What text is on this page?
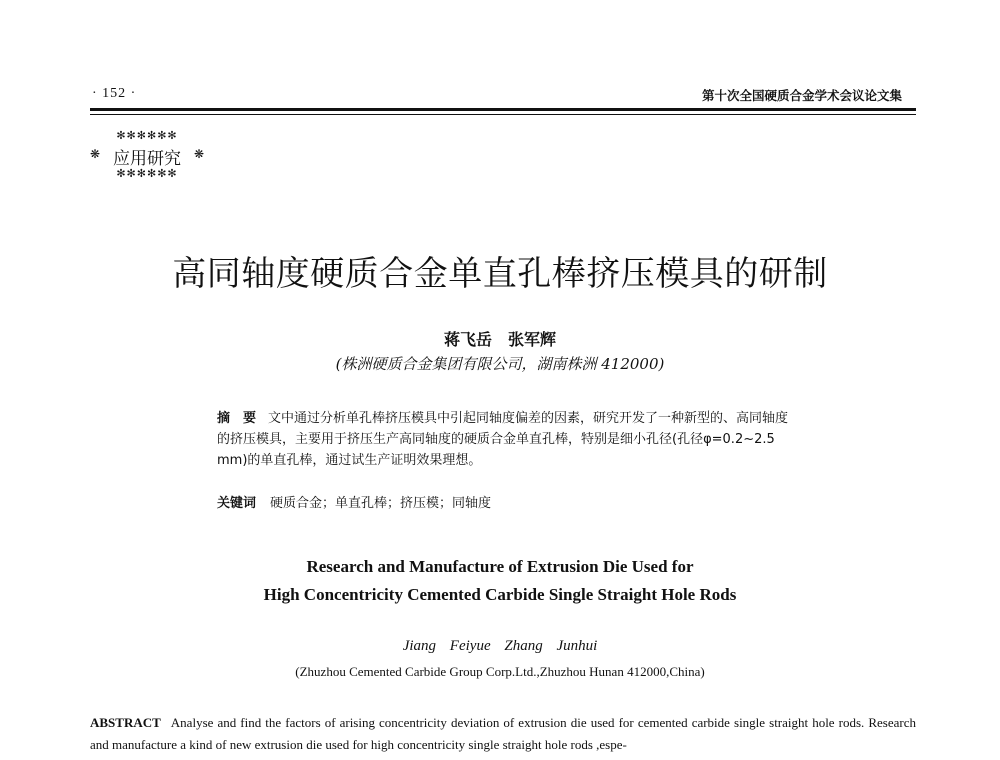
· 152 ·	第十次全国硬质合金学术会议论文集
✻✻✻✻✻✻
❋ 应用研究	❋
✻✻✻✻✻✻
高同轴度硬质合金单直孔棒挤压模具的研制
蒋飞岳　张军辉
(株洲硬质合金集团有限公司，湖南株洲 412000)

摘　要 文中通过分析单孔棒挤压模具中引起同轴度偏差的因素，研究开发了一种新型的、高同轴度的挤压模具，主要用于挤压生产高同轴度的硬质合金单直孔棒，特别是细小孔径(孔径φ=0.2~2.5 mm)的单直孔棒，通过试生产证明效果理想。

关键词 硬质合金；单直孔棒；挤压模；同轴度
Research and Manufacture of Extrusion Die Used for
High Concentricity Cemented Carbide Single Straight Hole Rods
Jiang Feiyue Zhang Junhui
(Zhuzhou Cemented Carbide Group Corp.Ltd.,Zhuzhou Hunan 412000,China)

ABSTRACT Analyse and find the factors of arising concentricity deviation of extrusion die used for cemented carbide single straight hole rods. Research and manufacture a kind of new extrusion die used for high concentricity single straight hole rods ,espe-
